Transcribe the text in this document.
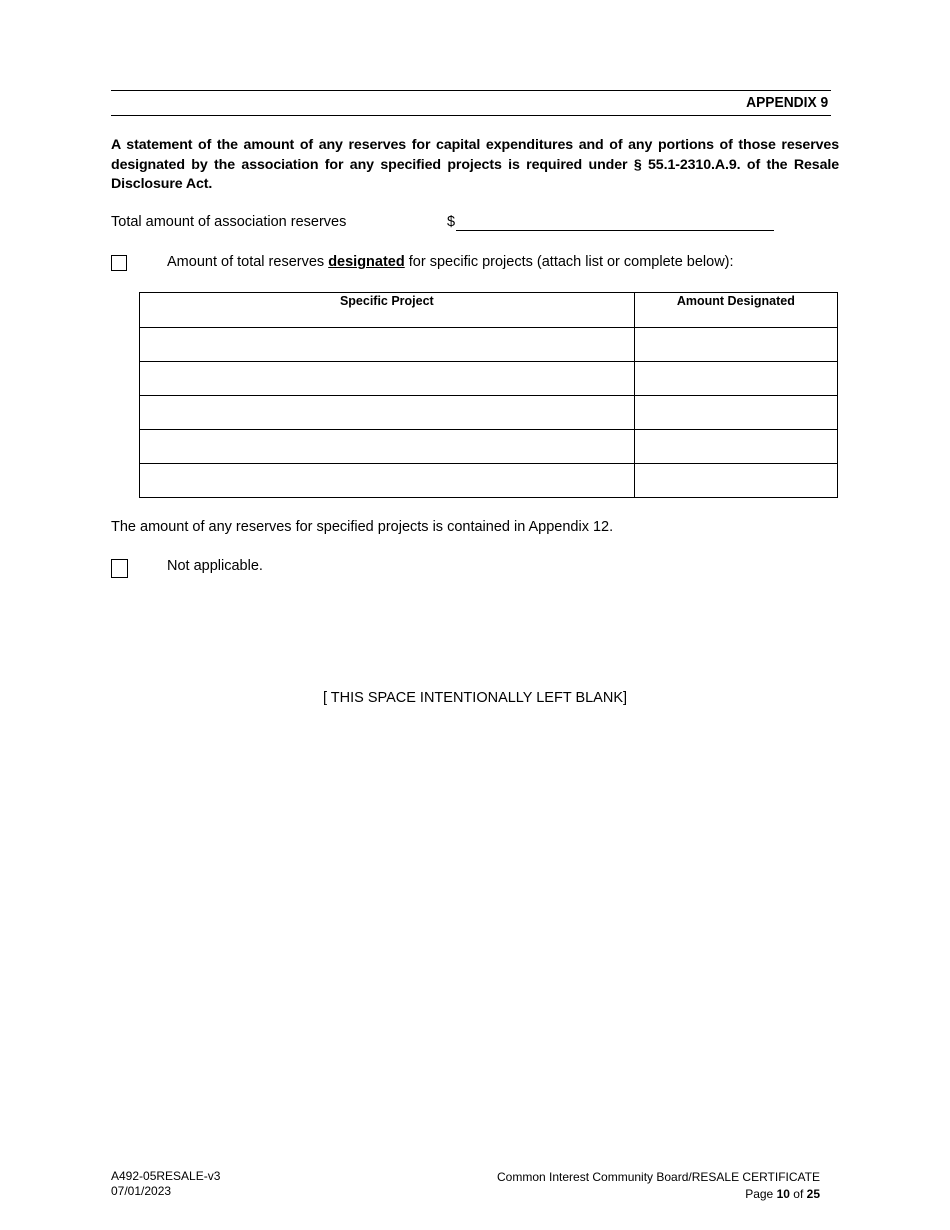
APPENDIX 9
A statement of the amount of any reserves for capital expenditures and of any portions of those reserves designated by the association for any specified projects is required under § 55.1-2310.A.9. of the Resale Disclosure Act.
Total amount of association reserves	$
Amount of total reserves designated for specific projects (attach list or complete below):
Specific Project	Amount Designated

The amount of any reserves for specified projects is contained in Appendix 12.
Not applicable.
[ THIS SPACE INTENTIONALLY LEFT BLANK]
A492-05RESALE-v3
07/01/2023
Common Interest Community Board/RESALE CERTIFICATE
Page 10 of 25
